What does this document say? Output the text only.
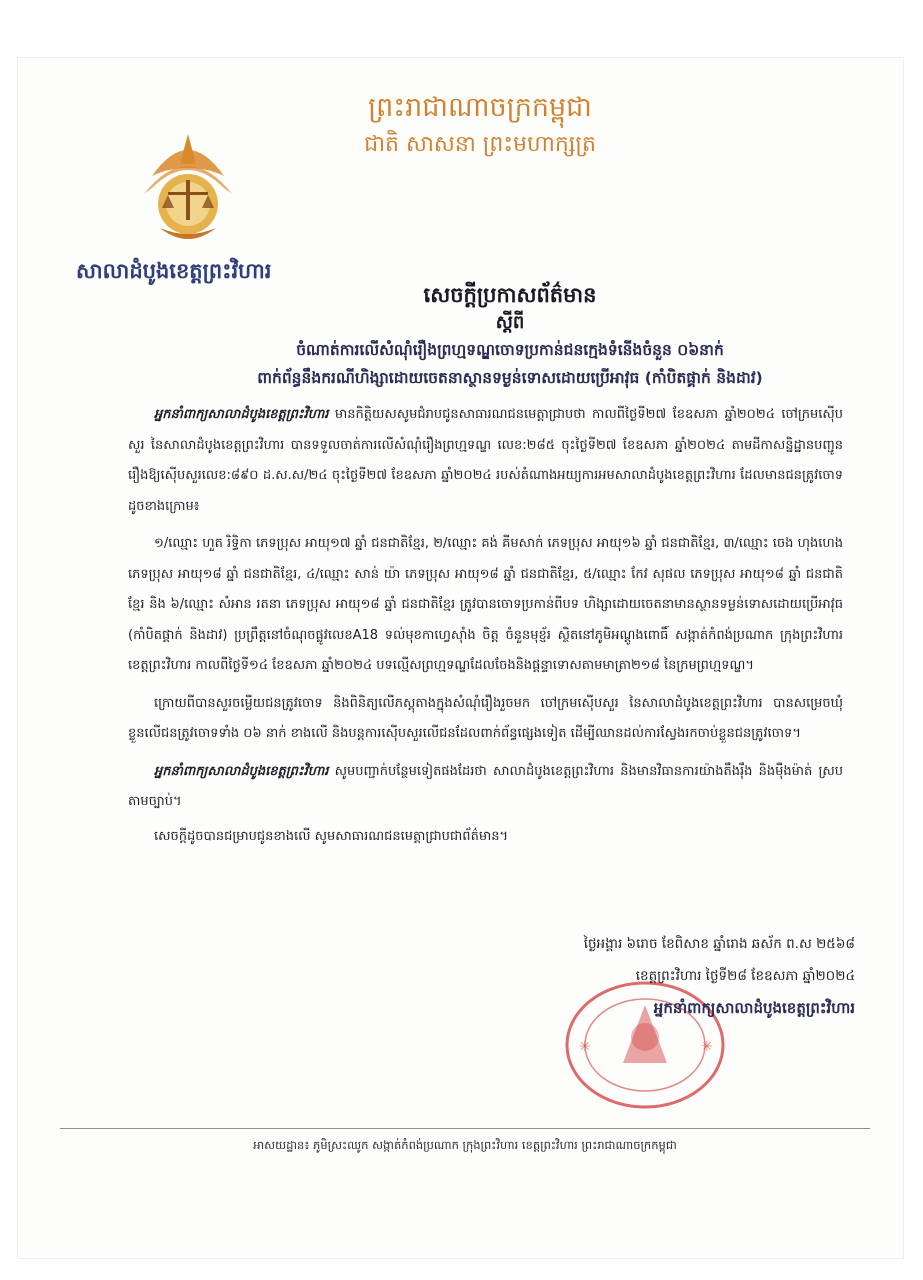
ព្រះរាជាណាចក្រកម្ពុជា
ជាតិ សាសនា ព្រះមហាក្សត្រ
សាលាដំបូងខេត្តព្រះវិហារ
សេចក្តីប្រកាសព័ត៌មាន
ស្តីពី
ចំណាត់ការលើសំណុំរឿងព្រហ្មទណ្ឌចោទប្រកាន់ជនក្មេងទំនើងចំនួន ០៦នាក់
ពាក់ព័ន្ធនឹងករណីហិង្សាដោយចេតនាស្ថានទម្ងន់ទោសដោយប្រើអាវុធ (កាំបិតផ្គាក់ និងដាវ)

អ្នកនាំពាក្យសាលាដំបូងខេត្តព្រះវិហារ មានកិត្តិយសសូមជំរាបជូនសាធារណជនមេត្តាជ្រាបថា កាលពីថ្ងៃទី២៧ ខែឧសភា ឆ្នាំ២០២៤ ចៅក្រមស៊ើបសួរ នៃសាលាដំបូងខេត្តព្រះវិហារ បានទទួលចាត់ការលើសំណុំរឿងព្រហ្មទណ្ឌ លេខ:២៨៥ ចុះថ្ងៃទី២៧ ខែឧសភា ឆ្នាំ២០២៤ តាមដីកាសន្និដ្ឋានបញ្ជូនរឿងឱ្យស៊ើបសួរលេខ:៨៩០ ដ.ស.ស/២៤ ចុះថ្ងៃទី២៧ ខែឧសភា ឆ្នាំ២០២៤ របស់តំណាងអយ្យការអមសាលាដំបូងខេត្តព្រះវិហារ ដែលមានជនត្រូវចោទដូចខាងក្រោម៖

១/ឈ្មោះ ហួត រិទ្ធិកា ភេទប្រុស អាយុ១៧ ឆ្នាំ ជនជាតិខ្មែរ, ២/ឈ្មោះ គង់ គីមសាក់ ភេទប្រុស អាយុ១៦ ឆ្នាំ ជនជាតិខ្មែរ, ៣/ឈ្មោះ ចេង ហុងហេង ភេទប្រុស អាយុ១៨ ឆ្នាំ ជនជាតិខ្មែរ, ៤/ឈ្មោះ សាន់ យ៉ា ភេទប្រុស អាយុ១៨ ឆ្នាំ ជនជាតិខ្មែរ, ៥/ឈ្មោះ កែវ សុផល ភេទប្រុស អាយុ១៨ ឆ្នាំ ជនជាតិខ្មែរ និង ៦/ឈ្មោះ សំអាន រតនា ភេទប្រុស អាយុ១៨ ឆ្នាំ ជនជាតិខ្មែរ ត្រូវបានចោទប្រកាន់ពីបទ ហិង្សាដោយចេតនាមានស្ថានទម្ងន់ទោសដោយប្រើអាវុធ (កាំបិតផ្គាក់ និងដាវ) ប្រព្រឹត្តនៅចំណុចផ្លូវលេខA18 ទល់មុខកាហ្វេស៊ាំង ចិត្ត ចំនួនមុខ្ញ័រ ស្ថិតនៅភូមិអណ្តូងពោធិ៍ សង្កាត់កំពង់ប្រណាក ក្រុងព្រះវិហារ ខេត្តព្រះវិហារ កាលពីថ្ងៃទី១៤ ខែឧសភា ឆ្នាំ២០២៤ បទល្មើសព្រហ្មទណ្ឌដែលចែងនិងផ្តន្ទាទោសតាមមាត្រា២១៨ នៃក្រមព្រហ្មទណ្ឌ។

ក្រោយពីបានសួរចម្លើយជនត្រូវចោទ និងពិនិត្យលើភស្តុតាងក្នុងសំណុំរឿងរួចមក ចៅក្រមស៊ើបសួរ នៃសាលាដំបូងខេត្តព្រះវិហារ បានសម្រេចឃុំខ្លួនលើជនត្រូវចោទទាំង ០៦ នាក់ ខាងលើ និងបន្តការស៊ើបសួរលើជនដែលពាក់ព័ន្ធផ្សេងទៀត ដើម្បីឈានដល់ការស្វែងរកចាប់ខ្លួនជនត្រូវចោទ។

អ្នកនាំពាក្យសាលាដំបូងខេត្តព្រះវិហារ សូមបញ្ជាក់បន្ថែមទៀតផងដែរថា សាលាដំបូងខេត្តព្រះវិហារ និងមានវិធានការយ៉ាងតឹងរ៉ឹង និងម៉ឺងម៉ាត់ ស្របតាមច្បាប់។

សេចក្តីដូចបានជម្រាបជូនខាងលើ សូមសាធារណជនមេត្តាជ្រាបជាព័ត៌មាន។

✳	✳
ថ្ងៃអង្គារ ៦រោច ខែពិសាខ ឆ្នាំរោង ឆស័ក ព.ស ២៥៦៨
ខេត្តព្រះវិហារ ថ្ងៃទី២៨ ខែឧសភា ឆ្នាំ២០២៤
អ្នកនាំពាក្យសាលាដំបូងខេត្តព្រះវិហារ
អាសយដ្ឋាន៖ ភូមិស្រះឈូក សង្កាត់កំពង់ប្រណាក ក្រុងព្រះវិហារ ខេត្តព្រះវិហារ ព្រះរាជាណាចក្រកម្ពុជា
